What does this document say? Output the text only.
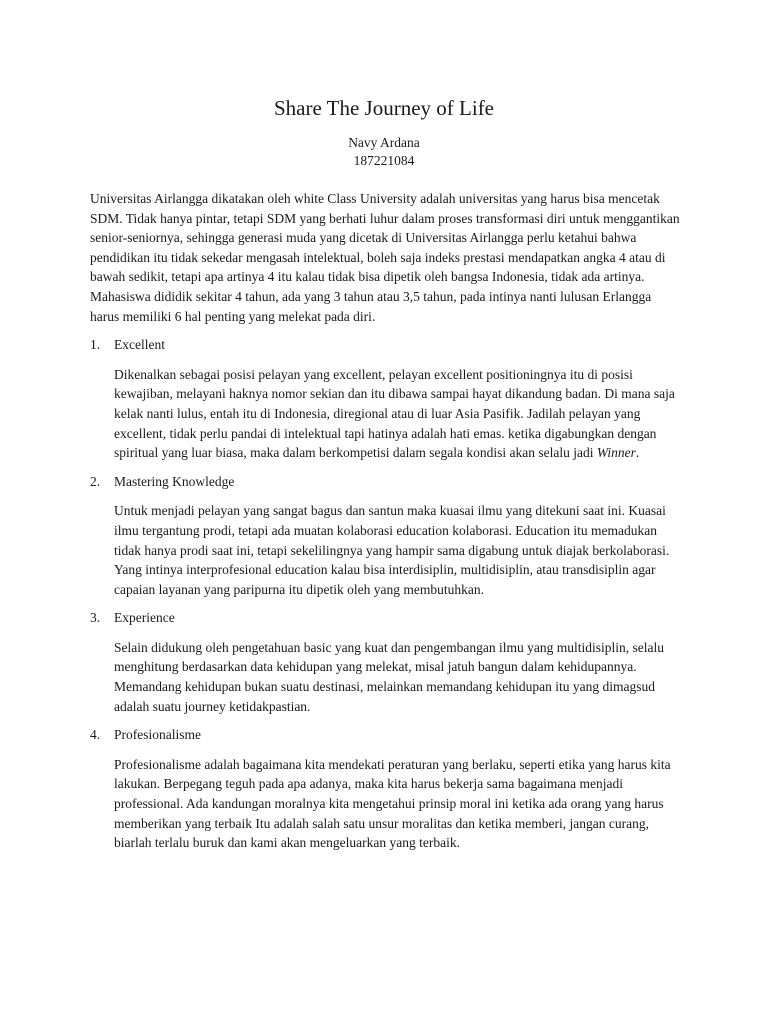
Share The Journey of Life
Navy Ardana
187221084

Universitas Airlangga dikatakan oleh white Class University adalah universitas yang harus bisa mencetak SDM. Tidak hanya pintar, tetapi SDM yang berhati luhur dalam proses transformasi diri untuk menggantikan senior-seniornya, sehingga generasi muda yang dicetak di Universitas Airlangga perlu ketahui bahwa pendidikan itu tidak sekedar mengasah intelektual, boleh saja indeks prestasi mendapatkan angka 4 atau di bawah sedikit, tetapi apa artinya 4 itu kalau tidak bisa dipetik oleh bangsa Indonesia, tidak ada artinya. Mahasiswa dididik sekitar 4 tahun, ada yang 3 tahun atau 3,5 tahun, pada intinya nanti lulusan Erlangga harus memiliki 6 hal penting yang melekat pada diri.

1.	Excellent

Dikenalkan sebagai posisi pelayan yang excellent, pelayan excellent positioningnya itu di posisi kewajiban, melayani haknya nomor sekian dan itu dibawa sampai hayat dikandung badan. Di mana saja kelak nanti lulus, entah itu di Indonesia, diregional atau di luar Asia Pasifik. Jadilah pelayan yang excellent, tidak perlu pandai di intelektual tapi hatinya adalah hati emas. ketika digabungkan dengan spiritual yang luar biasa, maka dalam berkompetisi dalam segala kondisi akan selalu jadi Winner.

2.	Mastering Knowledge

Untuk menjadi pelayan yang sangat bagus dan santun maka kuasai ilmu yang ditekuni saat ini. Kuasai ilmu tergantung prodi, tetapi ada muatan kolaborasi education kolaborasi. Education itu memadukan tidak hanya prodi saat ini, tetapi sekelilingnya yang hampir sama digabung untuk diajak berkolaborasi. Yang intinya interprofesional education kalau bisa interdisiplin, multidisiplin, atau transdisiplin agar capaian layanan yang paripurna itu dipetik oleh yang membutuhkan.

3.	Experience

Selain didukung oleh pengetahuan basic yang kuat dan pengembangan ilmu yang multidisiplin, selalu menghitung berdasarkan data kehidupan yang melekat, misal jatuh bangun dalam kehidupannya. Memandang kehidupan bukan suatu destinasi, melainkan memandang kehidupan itu yang dimagsud adalah suatu journey ketidakpastian.

4.	Profesionalisme

Profesionalisme adalah bagaimana kita mendekati peraturan yang berlaku, seperti etika yang harus kita lakukan. Berpegang teguh pada apa adanya, maka kita harus bekerja sama bagaimana menjadi professional. Ada kandungan moralnya kita mengetahui prinsip moral ini ketika ada orang yang harus memberikan yang terbaik Itu adalah salah satu unsur moralitas dan ketika memberi, jangan curang, biarlah terlalu buruk dan kami akan mengeluarkan yang terbaik.
